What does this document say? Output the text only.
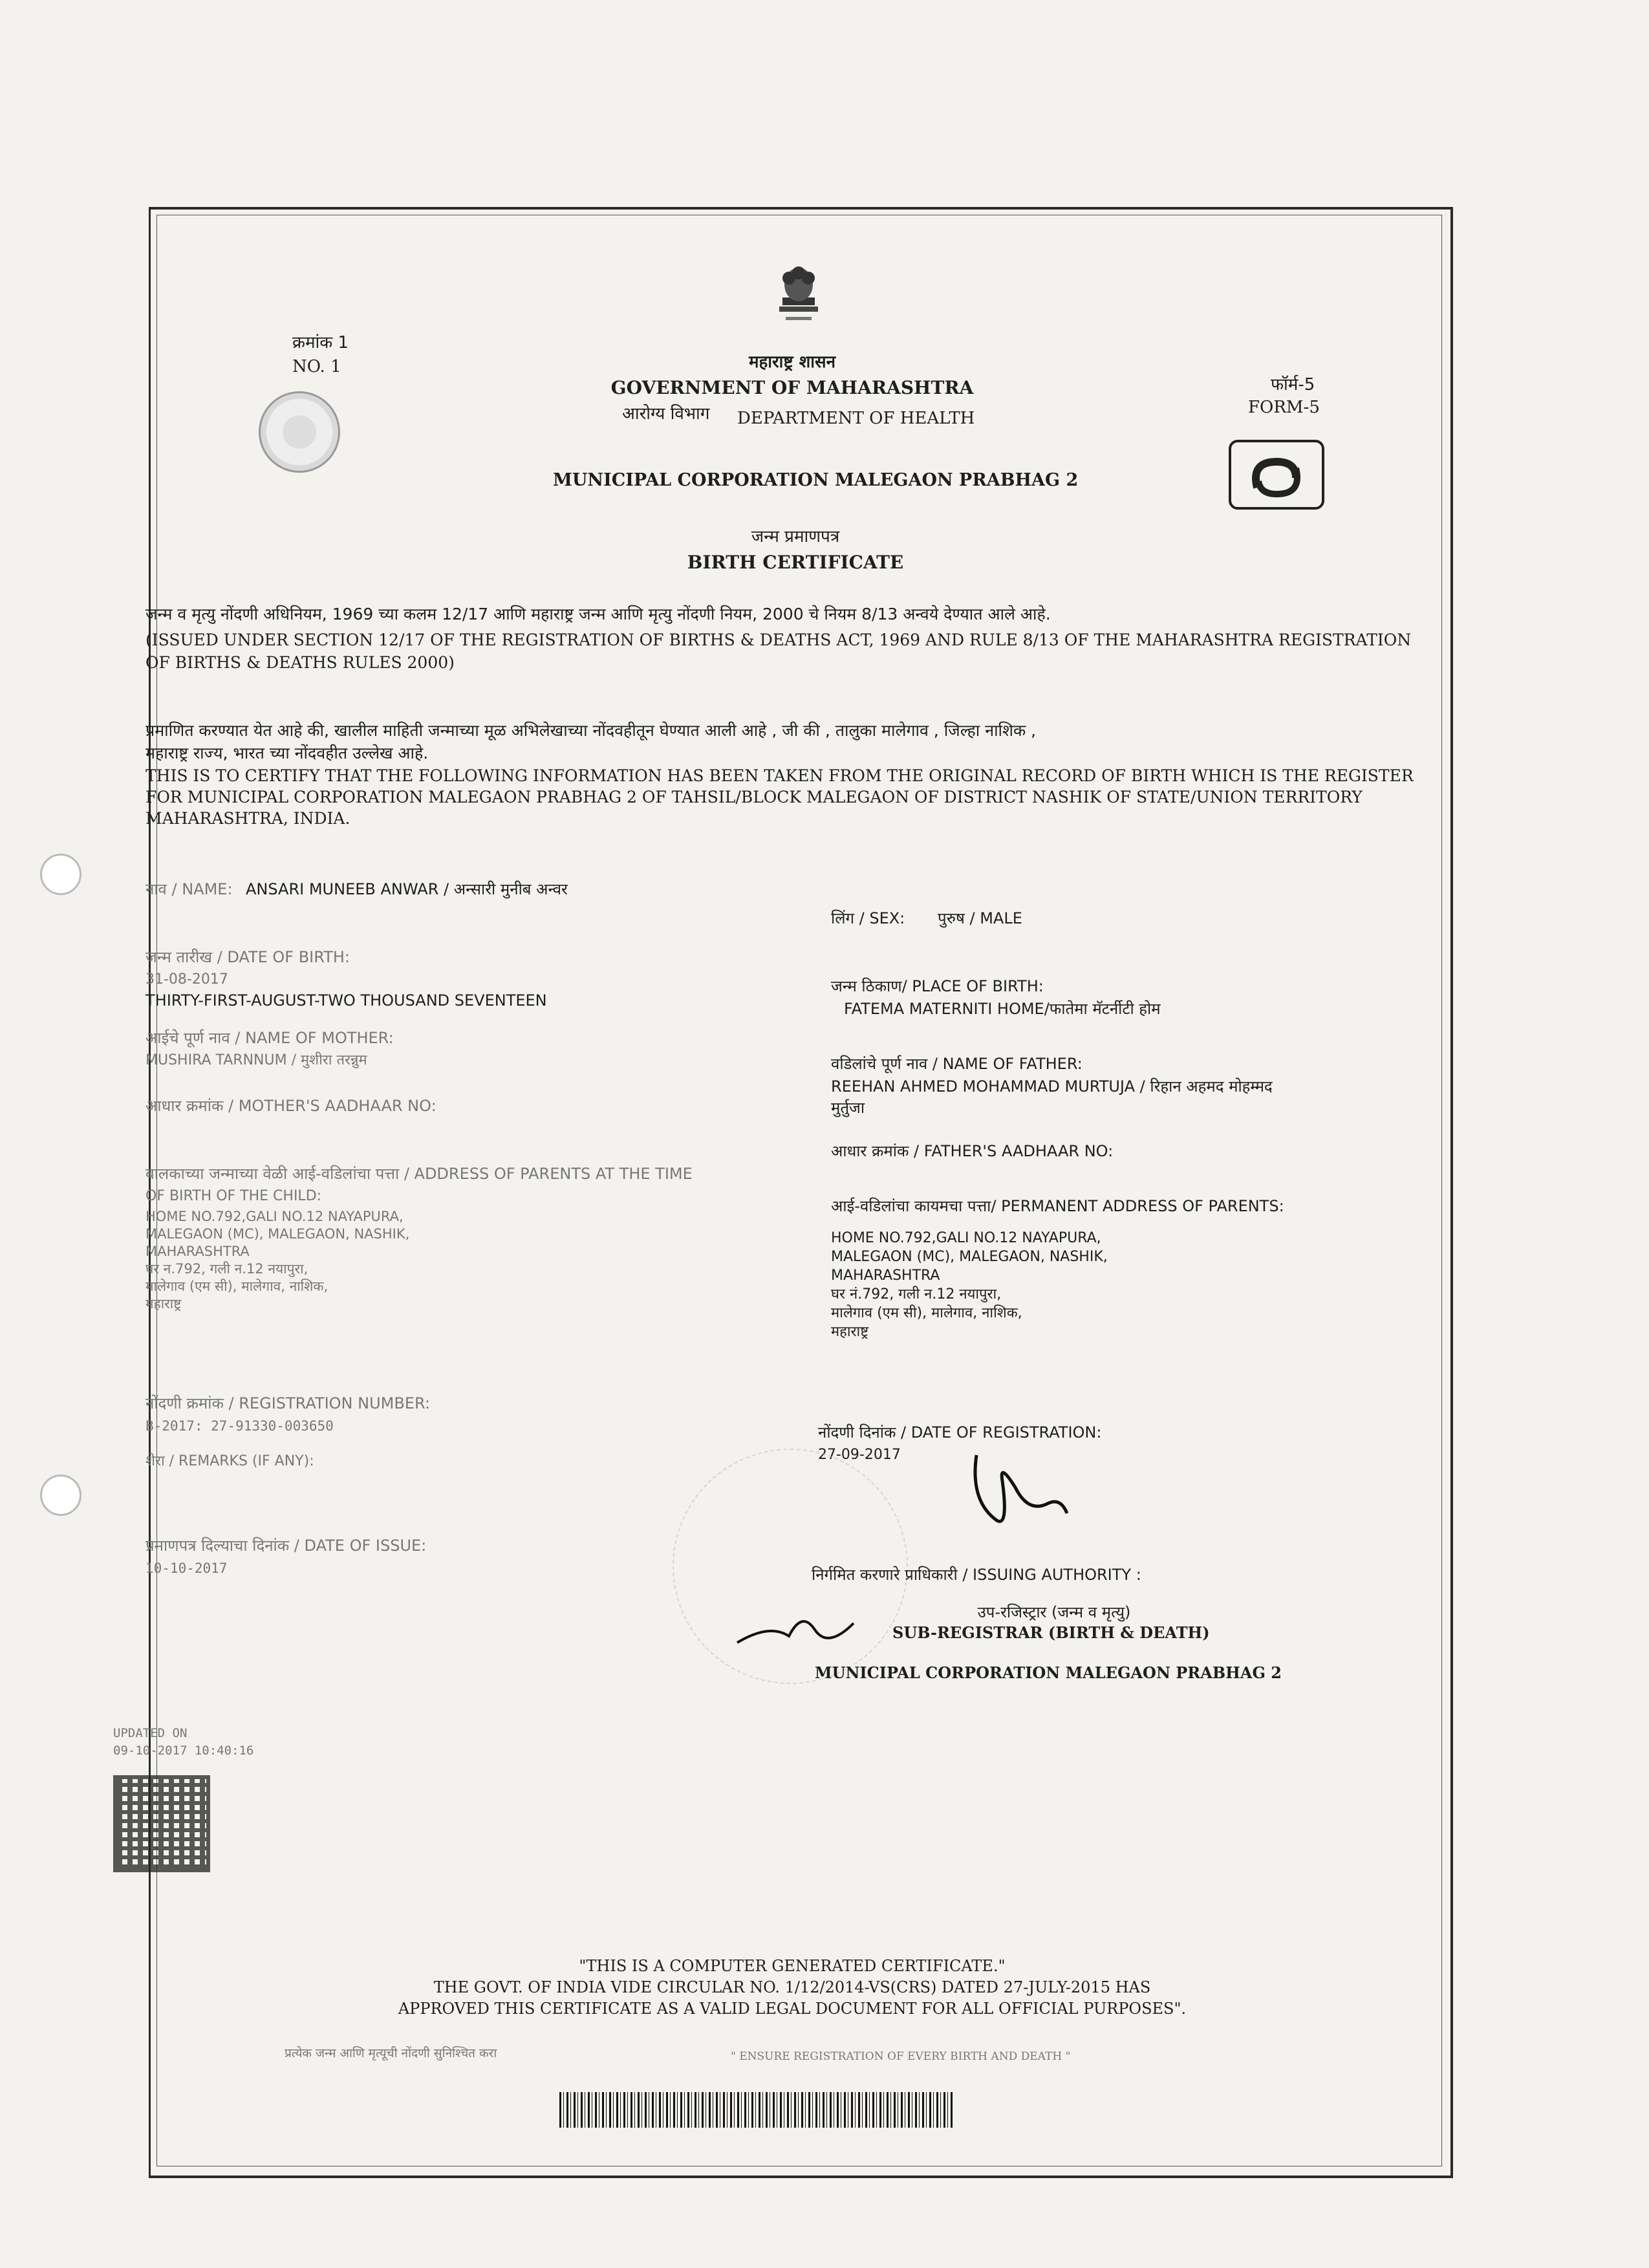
क्रमांक 1
NO. 1	महाराष्ट्र शासन
GOVERNMENT OF MAHARASHTRA
आरोग्य विभाग DEPARTMENT OF HEALTH
फॉर्म-5
FORM-5
MUNICIPAL CORPORATION MALEGAON PRABHAG 2
जन्म प्रमाणपत्र
BIRTH CERTIFICATE
जन्म व मृत्यु नोंदणी अधिनियम, 1969 च्या कलम 12/17 आणि महाराष्ट्र जन्म आणि मृत्यु नोंदणी नियम, 2000 चे नियम 8/13 अन्वये देण्यात आले आहे.
(ISSUED UNDER SECTION 12/17 OF THE REGISTRATION OF BIRTHS & DEATHS ACT, 1969 AND RULE 8/13 OF THE MAHARASHTRA REGISTRATION
OF BIRTHS & DEATHS RULES 2000)
प्रमाणित करण्यात येत आहे की, खालील माहिती जन्माच्या मूळ अभिलेखाच्या नोंदवहीतून घेण्यात आली आहे , जी की , तालुका मालेगाव , जिल्हा नाशिक ,
महाराष्ट्र राज्य, भारत च्या नोंदवहीत उल्लेख आहे.
THIS IS TO CERTIFY THAT THE FOLLOWING INFORMATION HAS BEEN TAKEN FROM THE ORIGINAL RECORD OF BIRTH WHICH IS THE REGISTER
FOR MUNICIPAL CORPORATION MALEGAON PRABHAG 2 OF TAHSIL/BLOCK MALEGAON OF DISTRICT NASHIK OF STATE/UNION TERRITORY
MAHARASHTRA, INDIA.
नाव / NAME: ANSARI MUNEEB ANWAR / अन्सारी मुनीब अन्वर
जन्म तारीख / DATE OF BIRTH:
31-08-2017
THIRTY-FIRST-AUGUST-TWO THOUSAND SEVENTEEN
आईचे पूर्ण नाव / NAME OF MOTHER:
MUSHIRA TARNNUM / मुशीरा तरन्नुम
आधार क्रमांक / MOTHER'S AADHAAR NO:
बालकाच्या जन्माच्या वेळी आई-वडिलांचा पत्ता / ADDRESS OF PARENTS AT THE TIME
OF BIRTH OF THE CHILD:
HOME NO.792,GALI NO.12 NAYAPURA,
MALEGAON (MC), MALEGAON, NASHIK,
MAHARASHTRA
घर न.792, गली न.12 नयापुरा,
मालेगाव (एम सी), मालेगाव, नाशिक,
महाराष्ट्र
नोंदणी क्रमांक / REGISTRATION NUMBER:
B-2017: 27-91330-003650
शेरा / REMARKS (IF ANY):
प्रमाणपत्र दिल्याचा दिनांक / DATE OF ISSUE:
10-10-2017
लिंग / SEX: पुरुष / MALE
जन्म ठिकाण/ PLACE OF BIRTH:
FATEMA MATERNITI HOME/फातेमा मॅटर्नीटी होम
वडिलांचे पूर्ण नाव / NAME OF FATHER:
REEHAN AHMED MOHAMMAD MURTUJA / रिहान अहमद मोहम्मद
मुर्तुजा
आधार क्रमांक / FATHER'S AADHAAR NO:
आई-वडिलांचा कायमचा पत्ता/ PERMANENT ADDRESS OF PARENTS:
HOME NO.792,GALI NO.12 NAYAPURA,
MALEGAON (MC), MALEGAON, NASHIK,
MAHARASHTRA
घर नं.792, गली न.12 नयापुरा,
मालेगाव (एम सी), मालेगाव, नाशिक,
महाराष्ट्र
नोंदणी दिनांक / DATE OF REGISTRATION:
27-09-2017
निर्गमित करणारे प्राधिकारी / ISSUING AUTHORITY :
उप-रजिस्ट्रार (जन्म व मृत्यु)
SUB-REGISTRAR (BIRTH & DEATH)
MUNICIPAL CORPORATION MALEGAON PRABHAG 2
UPDATED ON
09-10-2017 10:40:16
"THIS IS A COMPUTER GENERATED CERTIFICATE."
THE GOVT. OF INDIA VIDE CIRCULAR NO. 1/12/2014-VS(CRS) DATED 27-JULY-2015 HAS
APPROVED THIS CERTIFICATE AS A VALID LEGAL DOCUMENT FOR ALL OFFICIAL PURPOSES".
प्रत्येक जन्म आणि मृत्यूची नोंदणी सुनिश्चित करा	" ENSURE REGISTRATION OF EVERY BIRTH AND DEATH "
